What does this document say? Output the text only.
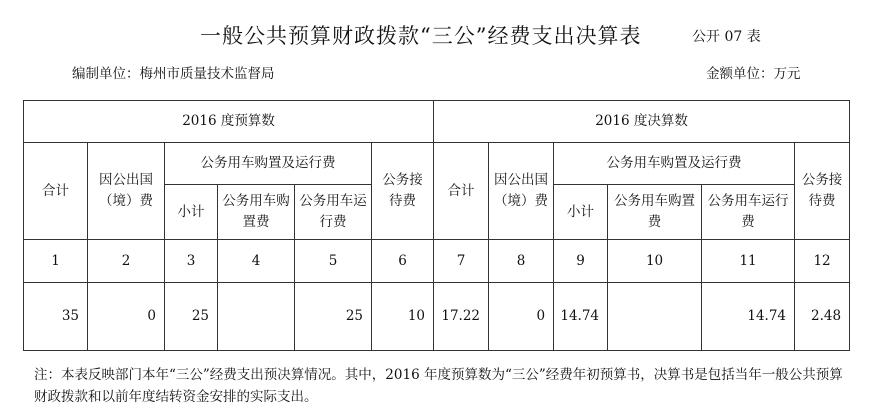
一般公共预算财政拨款“三公”经费支出决算表	公开 07 表
编制单位：梅州市质量技术监督局	金额单位：万元
2016 度预算数						2016 度决算数					
合计	因公出国（境）费	公务用车购置及运行费			公务接待费	合计	因公出国（境）费	公务用车购置及运行费			公务接待费
		小计	公务用车购置费	公务用车运行费				小计	公务用车购置费	公务用车运行费	
1	2	3	4	5	6	7	8	9	10	11	12
35	0	25		25	10	17.22	0	14.74		14.74	2.48
注：本表反映部门本年“三公”经费支出预决算情况。其中，2016 年度预算数为“三公”经费年初预算书，决算书是包括当年一般公共预算财政拨款和以前年度结转资金安排的实际支出。
